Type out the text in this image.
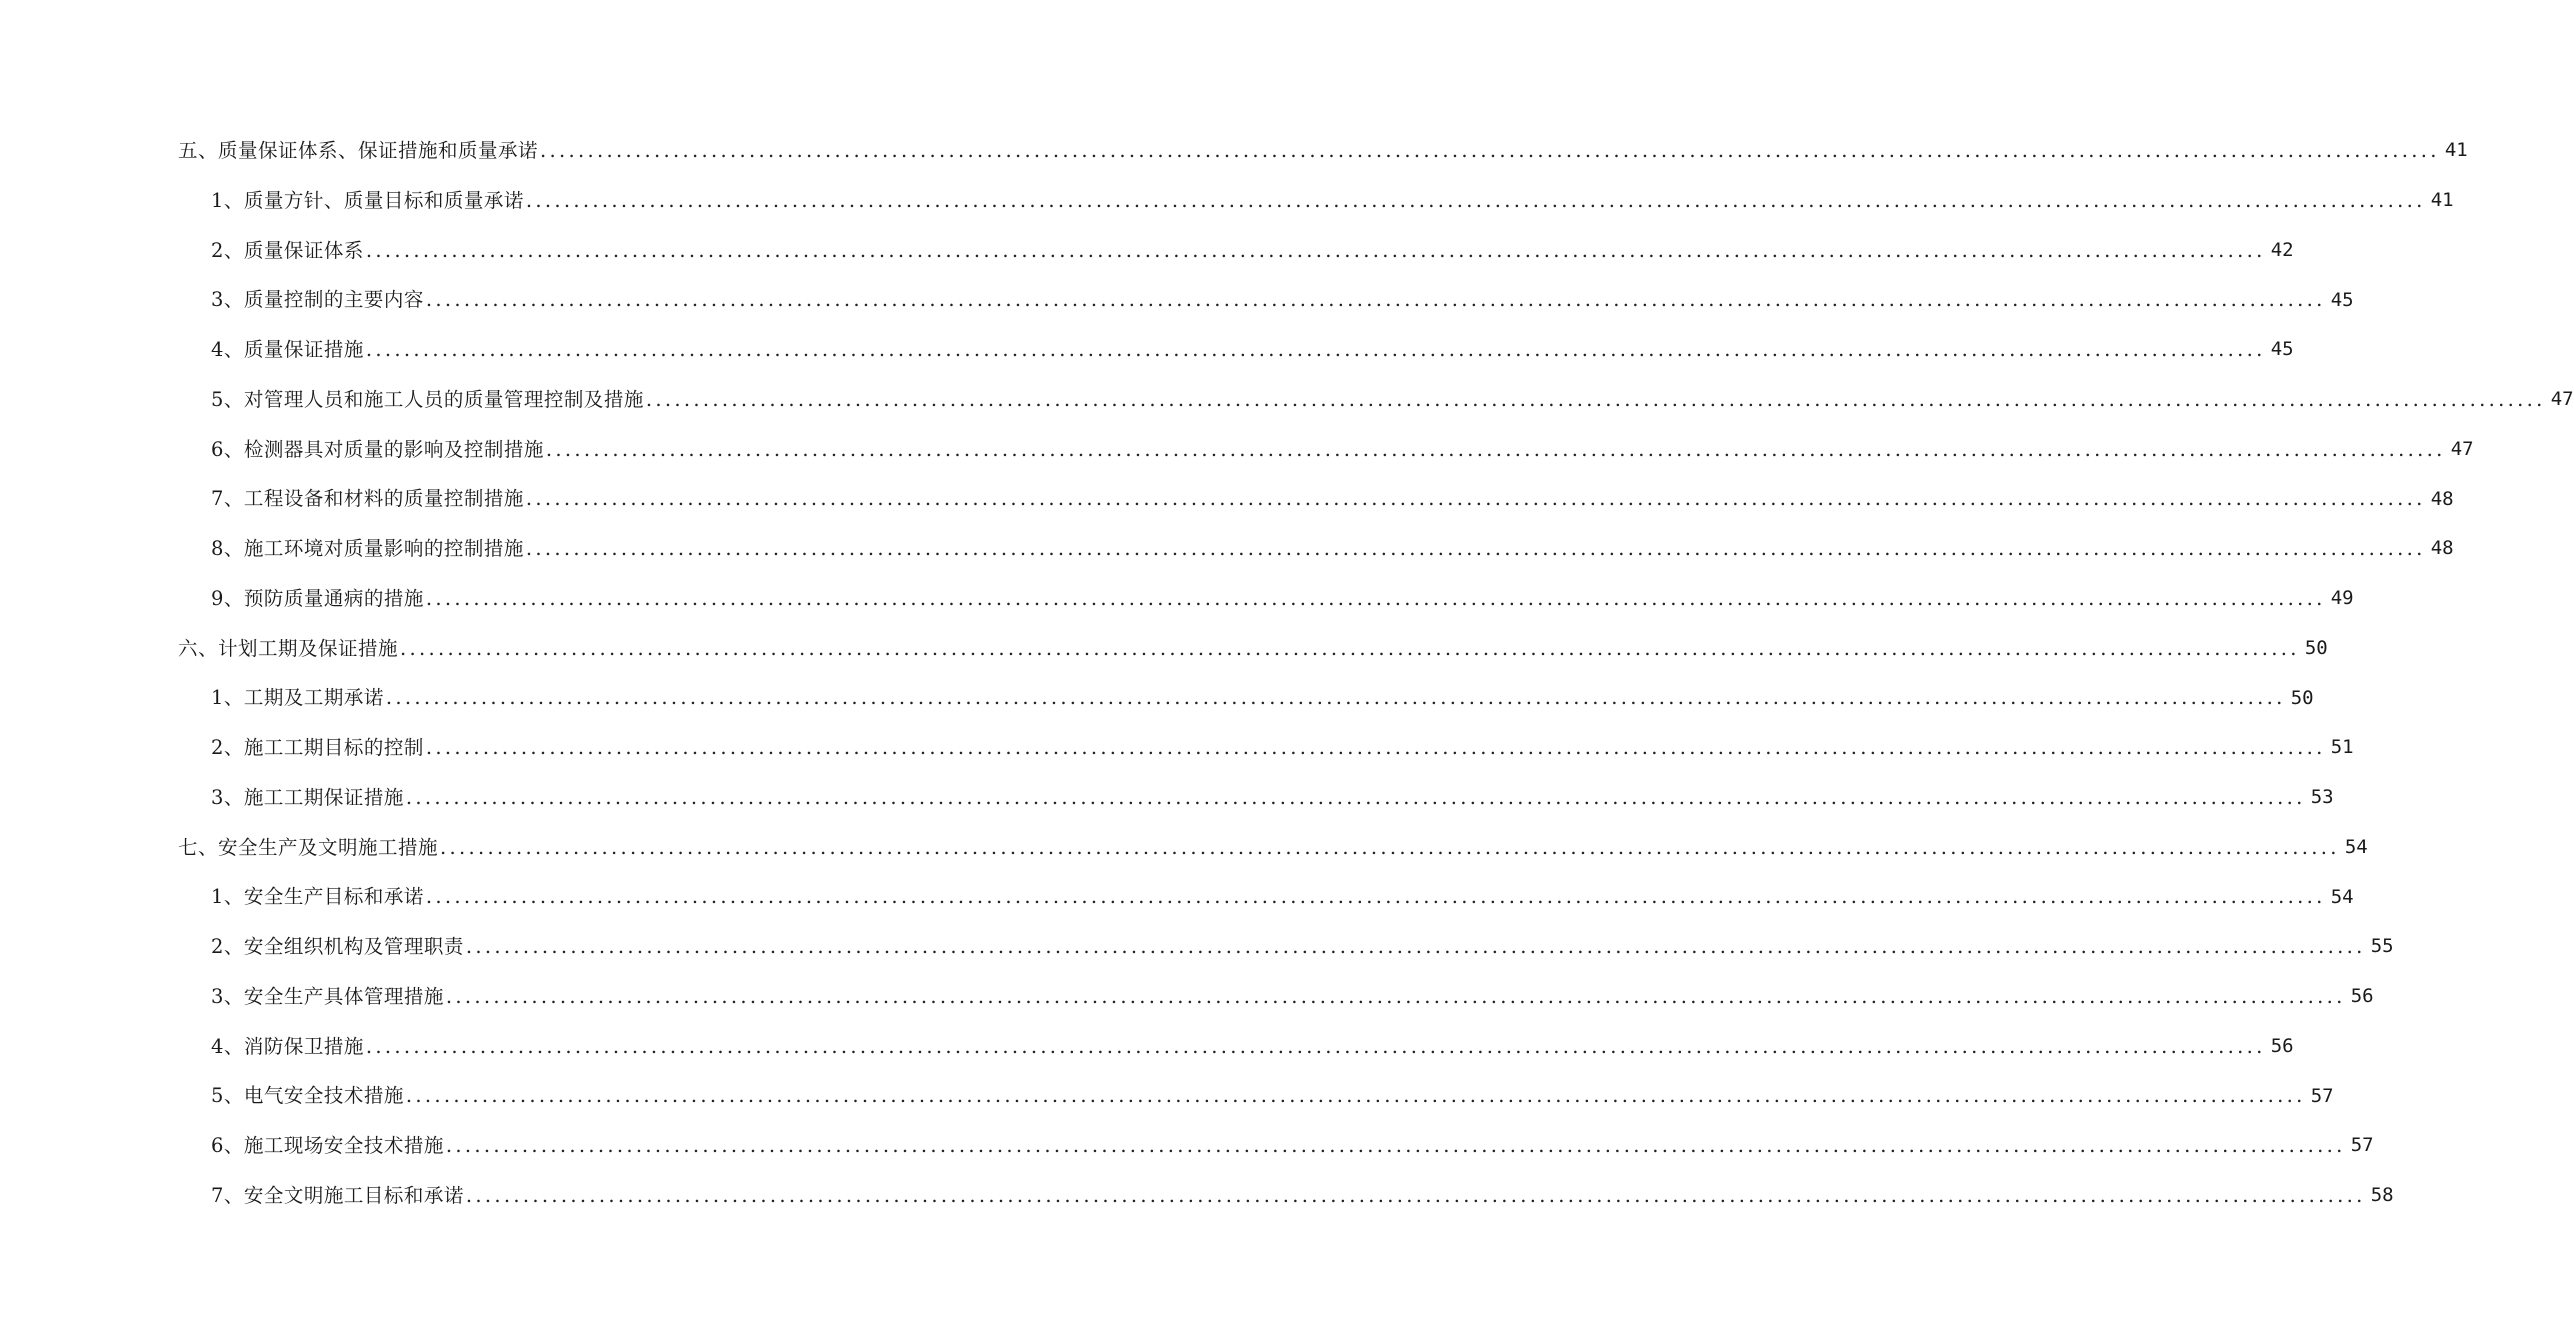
五、质量保证体系、保证措施和质量承诺 ........................................................................................................................................................................................................ 41
1、质量方针、质量目标和质量承诺 ........................................................................................................................................................................................................ 41
2、质量保证体系 ........................................................................................................................................................................................................ 42
3、质量控制的主要内容 ........................................................................................................................................................................................................ 45
4、质量保证措施 ........................................................................................................................................................................................................ 45
5、对管理人员和施工人员的质量管理控制及措施 ........................................................................................................................................................................................................ 47
6、检测器具对质量的影响及控制措施 ........................................................................................................................................................................................................ 47
7、工程设备和材料的质量控制措施 ........................................................................................................................................................................................................ 48
8、施工环境对质量影响的控制措施 ........................................................................................................................................................................................................ 48
9、预防质量通病的措施 ........................................................................................................................................................................................................ 49
六、计划工期及保证措施 ........................................................................................................................................................................................................ 50
1、工期及工期承诺 ........................................................................................................................................................................................................ 50
2、施工工期目标的控制 ........................................................................................................................................................................................................ 51
3、施工工期保证措施 ........................................................................................................................................................................................................ 53
七、安全生产及文明施工措施 ........................................................................................................................................................................................................ 54
1、安全生产目标和承诺 ........................................................................................................................................................................................................ 54
2、安全组织机构及管理职责 ........................................................................................................................................................................................................ 55
3、安全生产具体管理措施 ........................................................................................................................................................................................................ 56
4、消防保卫措施 ........................................................................................................................................................................................................ 56
5、电气安全技术措施 ........................................................................................................................................................................................................ 57
6、施工现场安全技术措施 ........................................................................................................................................................................................................ 57
7、安全文明施工目标和承诺 ........................................................................................................................................................................................................ 58
